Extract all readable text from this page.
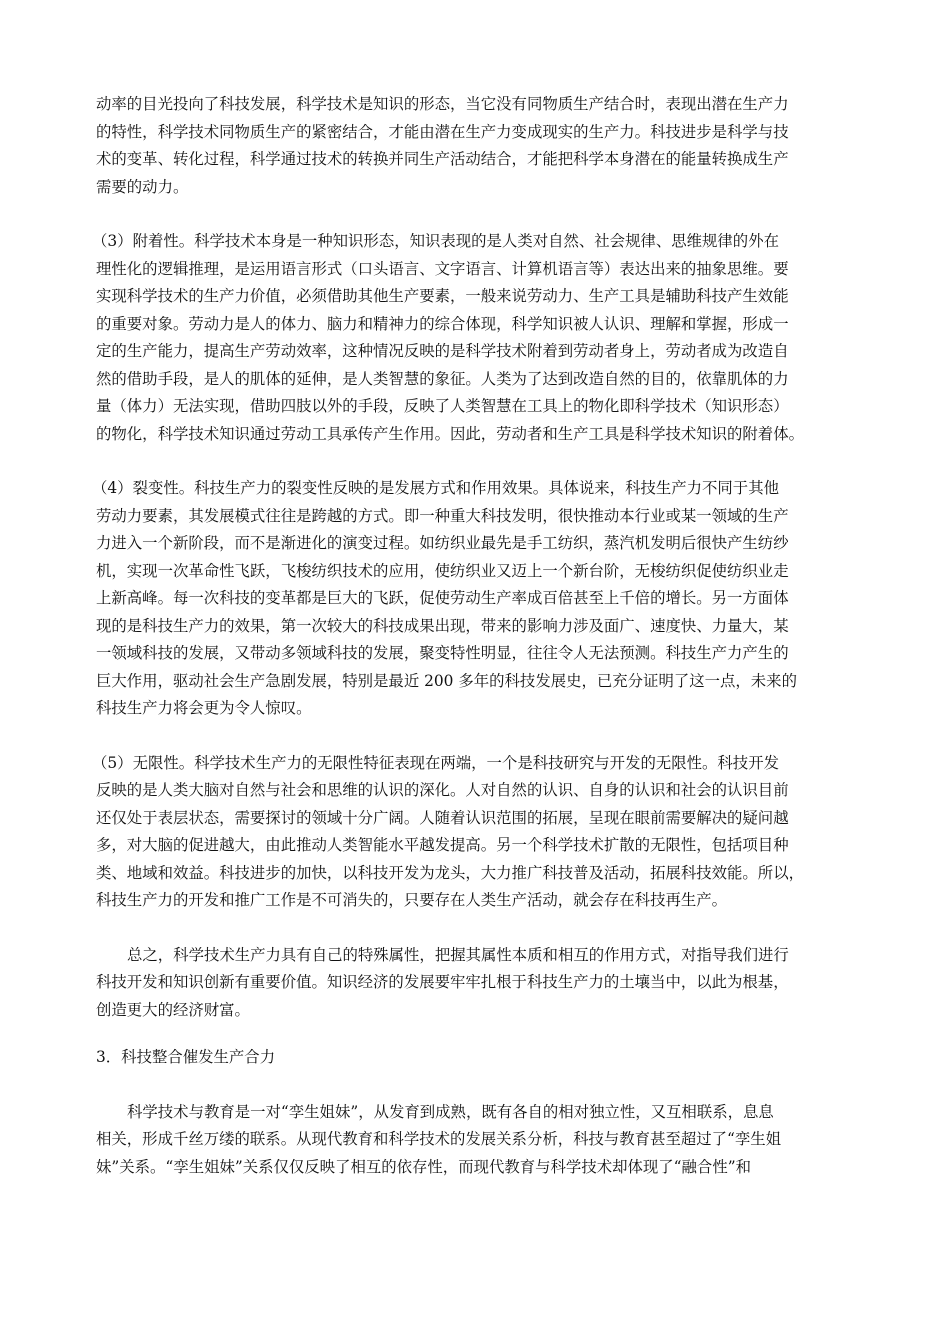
动率的目光投向了科技发展，科学技术是知识的形态，当它没有同物质生产结合时，表现出潜在生产力
的特性，科学技术同物质生产的紧密结合，才能由潜在生产力变成现实的生产力。科技进步是科学与技
术的变革、转化过程，科学通过技术的转换并同生产活动结合，才能把科学本身潜在的能量转换成生产
需要的动力。

（3）附着性。科学技术本身是一种知识形态，知识表现的是人类对自然、社会规律、思维规律的外在
理性化的逻辑推理，是运用语言形式（口头语言、文字语言、计算机语言等）表达出来的抽象思维。要
实现科学技术的生产力价值，必须借助其他生产要素，一般来说劳动力、生产工具是辅助科技产生效能
的重要对象。劳动力是人的体力、脑力和精神力的综合体现，科学知识被人认识、理解和掌握，形成一
定的生产能力，提高生产劳动效率，这种情况反映的是科学技术附着到劳动者身上，劳动者成为改造自
然的借助手段，是人的肌体的延伸，是人类智慧的象征。人类为了达到改造自然的目的，依靠肌体的力
量（体力）无法实现，借助四肢以外的手段，反映了人类智慧在工具上的物化即科学技术（知识形态）
的物化，科学技术知识通过劳动工具承传产生作用。因此，劳动者和生产工具是科学技术知识的附着体。

（4）裂变性。科技生产力的裂变性反映的是发展方式和作用效果。具体说来，科技生产力不同于其他
劳动力要素，其发展模式往往是跨越的方式。即一种重大科技发明，很快推动本行业或某一领域的生产
力进入一个新阶段，而不是渐进化的演变过程。如纺织业最先是手工纺织，蒸汽机发明后很快产生纺纱
机，实现一次革命性飞跃，飞梭纺织技术的应用，使纺织业又迈上一个新台阶，无梭纺织促使纺织业走
上新高峰。每一次科技的变革都是巨大的飞跃，促使劳动生产率成百倍甚至上千倍的增长。另一方面体
现的是科技生产力的效果，第一次较大的科技成果出现，带来的影响力涉及面广、速度快、力量大，某
一领域科技的发展，又带动多领域科技的发展，聚变特性明显，往往令人无法预测。科技生产力产生的
巨大作用，驱动社会生产急剧发展，特别是最近 200 多年的科技发展史，已充分证明了这一点，未来的
科技生产力将会更为令人惊叹。

（5）无限性。科学技术生产力的无限性特征表现在两端，一个是科技研究与开发的无限性。科技开发
反映的是人类大脑对自然与社会和思维的认识的深化。人对自然的认识、自身的认识和社会的认识目前
还仅处于表层状态，需要探讨的领域十分广阔。人随着认识范围的拓展，呈现在眼前需要解决的疑问越
多，对大脑的促进越大，由此推动人类智能水平越发提高。另一个科学技术扩散的无限性，包括项目种
类、地域和效益。科技进步的加快，以科技开发为龙头，大力推广科技普及活动，拓展科技效能。所以，
科技生产力的开发和推广工作是不可消失的，只要存在人类生产活动，就会存在科技再生产。

总之，科学技术生产力具有自己的特殊属性，把握其属性本质和相互的作用方式，对指导我们进行
科技开发和知识创新有重要价值。知识经济的发展要牢牢扎根于科技生产力的土壤当中，以此为根基，
创造更大的经济财富。

3．科技整合催发生产合力

科学技术与教育是一对“孪生姐妹”，从发育到成熟，既有各自的相对独立性，又互相联系，息息
相关，形成千丝万缕的联系。从现代教育和科学技术的发展关系分析，科技与教育甚至超过了“孪生姐
妹”关系。“孪生姐妹”关系仅仅反映了相互的依存性，而现代教育与科学技术却体现了“融合性”和
